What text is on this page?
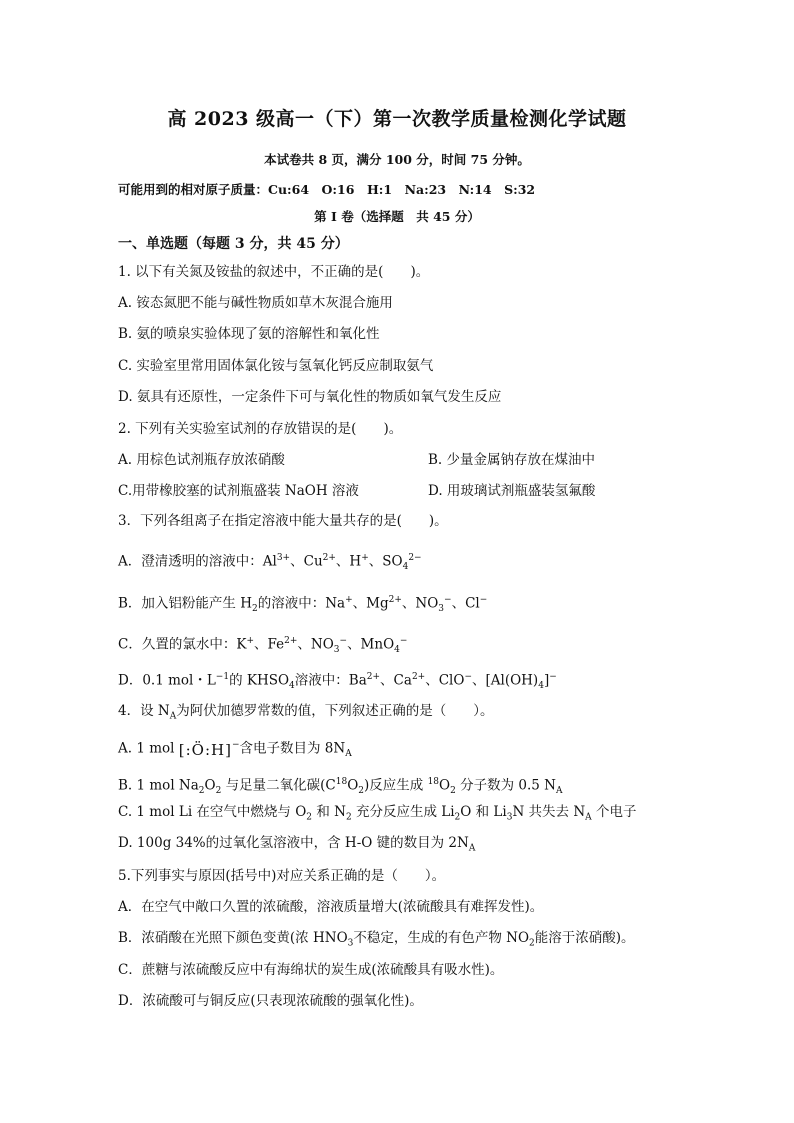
高 2023 级高一（下）第一次教学质量检测化学试题
本试卷共 8 页，满分 100 分，时间 75 分钟。
可能用到的相对原子质量：Cu:64　O:16　H:1　Na:23　N:14　S:32
第 I 卷（选择题　共 45 分）
一、单选题（每题 3 分，共 45 分）
1. 以下有关氮及铵盐的叙述中，不正确的是(　　)。
A. 铵态氮肥不能与碱性物质如草木灰混合施用
B. 氨的喷泉实验体现了氨的溶解性和氧化性
C. 实验室里常用固体氯化铵与氢氧化钙反应制取氨气
D. 氨具有还原性，一定条件下可与氧化性的物质如氧气发生反应
2. 下列有关实验室试剂的存放错误的是(　　)。
A. 用棕色试剂瓶存放浓硝酸	B. 少量金属钠存放在煤油中
C.用带橡胶塞的试剂瓶盛装 NaOH 溶液	D. 用玻璃试剂瓶盛装氢氟酸
3．下列各组离子在指定溶液中能大量共存的是(　　)。
A．澄清透明的溶液中：$Al^{3+}$、$Cu^{2+}$、H+、$SO_4^{2-}$
B．加入铝粉能产生 $H_2$的溶液中：Na+、$Mg^{2+}$、$NO_3^-$、Cl−
C．久置的氯水中：K+、$Fe^{2+}$、$NO_3^-$、MnO$_4$−
D．0.1 mol・$L^{-1}$的 $KHSO_4$溶液中：$Ba^{2+}$、$Ca^{2+}$、ClO−、$[Al(OH)_4]^-$
4．设 $N_A$为阿伏加德罗常数的值，下列叙述正确的是（　　）。
A. 1 mol [:Ö:H]−含电子数目为 $8N_A$
B. 1 mol $Na_2O_2$ 与足量二氧化碳$(C^{18}O_2)$反应生成 $^{18}O_2$ 分子数为 0.5 $N_A$
C. 1 mol Li 在空气中燃烧与 $O_2$ 和 $N_2$ 充分反应生成 $Li_2O$ 和 $Li_3N$ 共失去 $N_A$ 个电子
D. 100g 34%的过氧化氢溶液中，含 H-O 键的数目为 $2N_A$
5.下列事实与原因(括号中)对应关系正确的是（　　）。
A．在空气中敞口久置的浓硫酸，溶液质量增大(浓硫酸具有难挥发性)。
B．浓硝酸在光照下颜色变黄(浓 $HNO_3$不稳定，生成的有色产物 $NO_2$能溶于浓硝酸)。
C．蔗糖与浓硫酸反应中有海绵状的炭生成(浓硫酸具有吸水性)。
D．浓硫酸可与铜反应(只表现浓硫酸的强氧化性)。
